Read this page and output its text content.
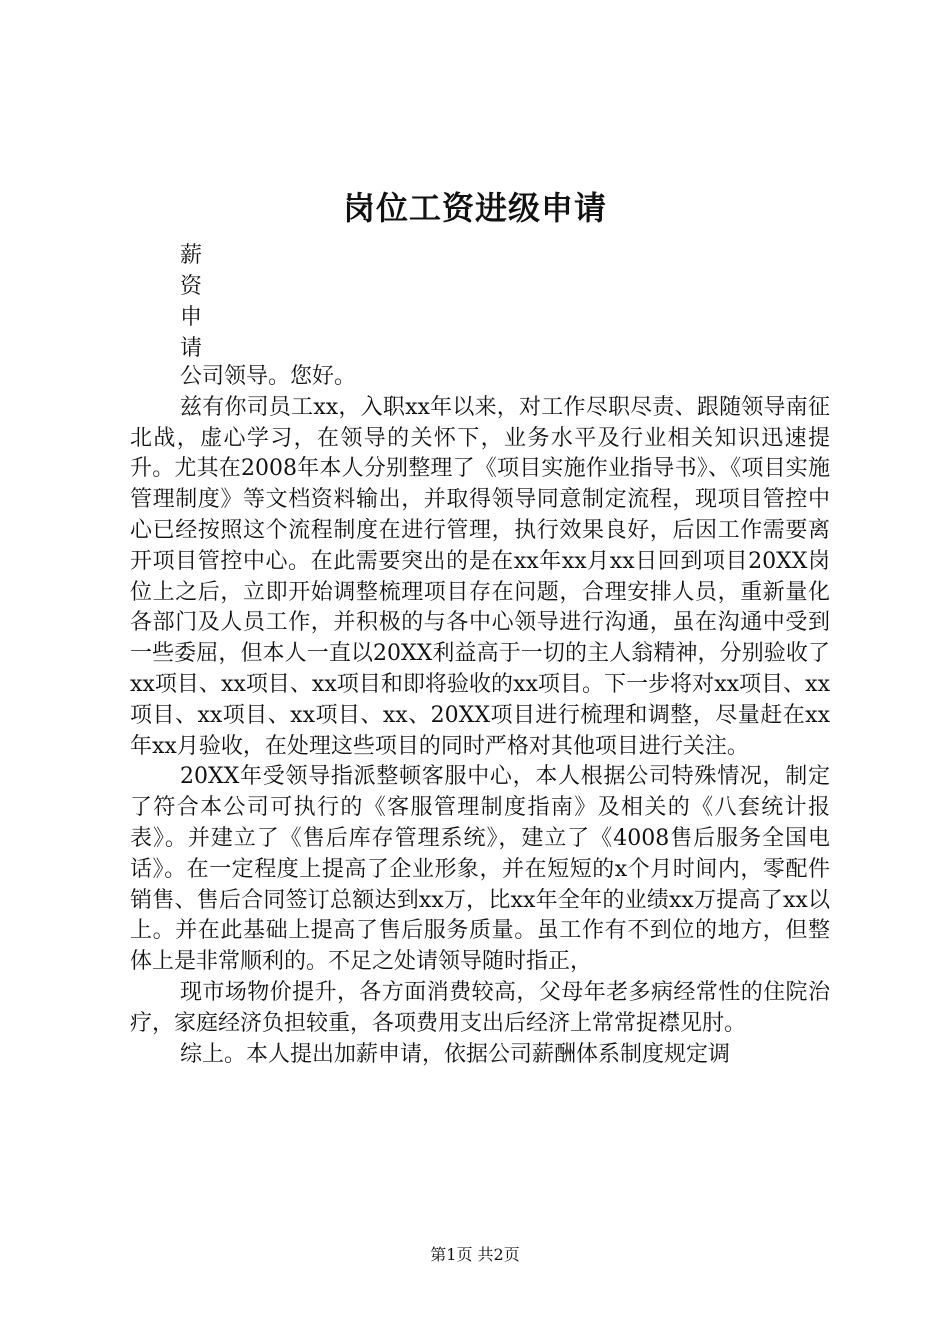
岗位工资进级申请
薪
资
申
请

公司领导。您好。

兹有你司员工xx，入职xx年以来，对工作尽职尽责、跟随领导南征北战，虚心学习，在领导的关怀下，业务水平及行业相关知识迅速提升。尤其在2008年本人分别整理了《项目实施作业指导书》、《项目实施管理制度》等文档资料输出，并取得领导同意制定流程，现项目管控中心已经按照这个流程制度在进行管理，执行效果良好，后因工作需要离开项目管控中心。在此需要突出的是在xx年xx月xx日回到项目20XX岗位上之后，立即开始调整梳理项目存在问题，合理安排人员，重新量化各部门及人员工作，并积极的与各中心领导进行沟通，虽在沟通中受到一些委屈，但本人一直以20XX利益高于一切的主人翁精神，分别验收了xx项目、xx项目、xx项目和即将验收的xx项目。下一步将对xx项目、xx项目、xx项目、xx项目、xx、20XX项目进行梳理和调整，尽量赶在xx年xx月验收，在处理这些项目的同时严格对其他项目进行关注。

20XX年受领导指派整顿客服中心，本人根据公司特殊情况，制定了符合本公司可执行的《客服管理制度指南》及相关的《八套统计报表》。并建立了《售后库存管理系统》，建立了《4008售后服务全国电话》。在一定程度上提高了企业形象，并在短短的x个月时间内，零配件销售、售后合同签订总额达到xx万，比xx年全年的业绩xx万提高了xx以上。并在此基础上提高了售后服务质量。虽工作有不到位的地方，但整体上是非常顺利的。不足之处请领导随时指正，

现市场物价提升，各方面消费较高，父母年老多病经常性的住院治疗，家庭经济负担较重，各项费用支出后经济上常常捉襟见肘。

综上。本人提出加薪申请，依据公司薪酬体系制度规定调

第1页 共2页
